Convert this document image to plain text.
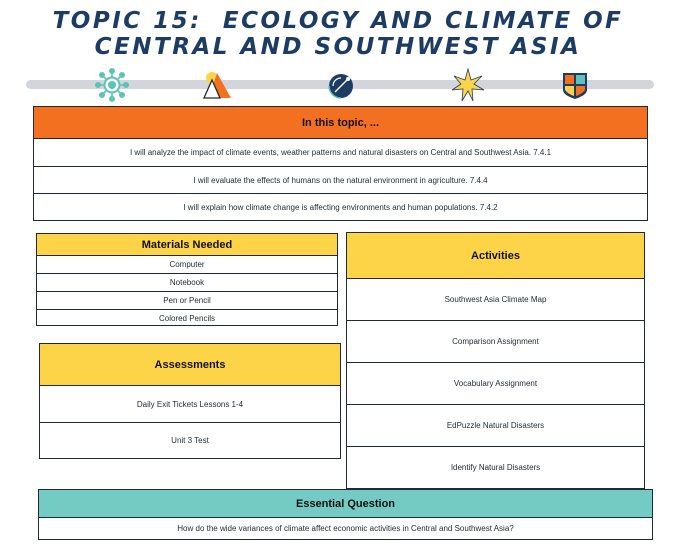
TOPIC 15:  ECOLOGY AND CLIMATE OF
CENTRAL AND SOUTHWEST ASIA
In this topic, ...
I will analyze the impact of climate events, weather patterns and natural disasters on Central and Southwest Asia. 7.4.1
I will evaluate the effects of humans on the natural environment in agriculture. 7.4.4
I will explain how climate change is affecting environments and human populations. 7.4.2
Materials Needed
Computer
Notebook
Pen or Pencil
Colored Pencils
Assessments
Daily Exit Tickets Lessons 1-4
Unit 3 Test
Activities
Southwest Asia Climate Map
Comparison Assignment
Vocabulary Assignment
EdPuzzle Natural Disasters
Identify Natural Disasters
Essential Question
How do the wide variances of climate affect economic activities in Central and Southwest Asia?
